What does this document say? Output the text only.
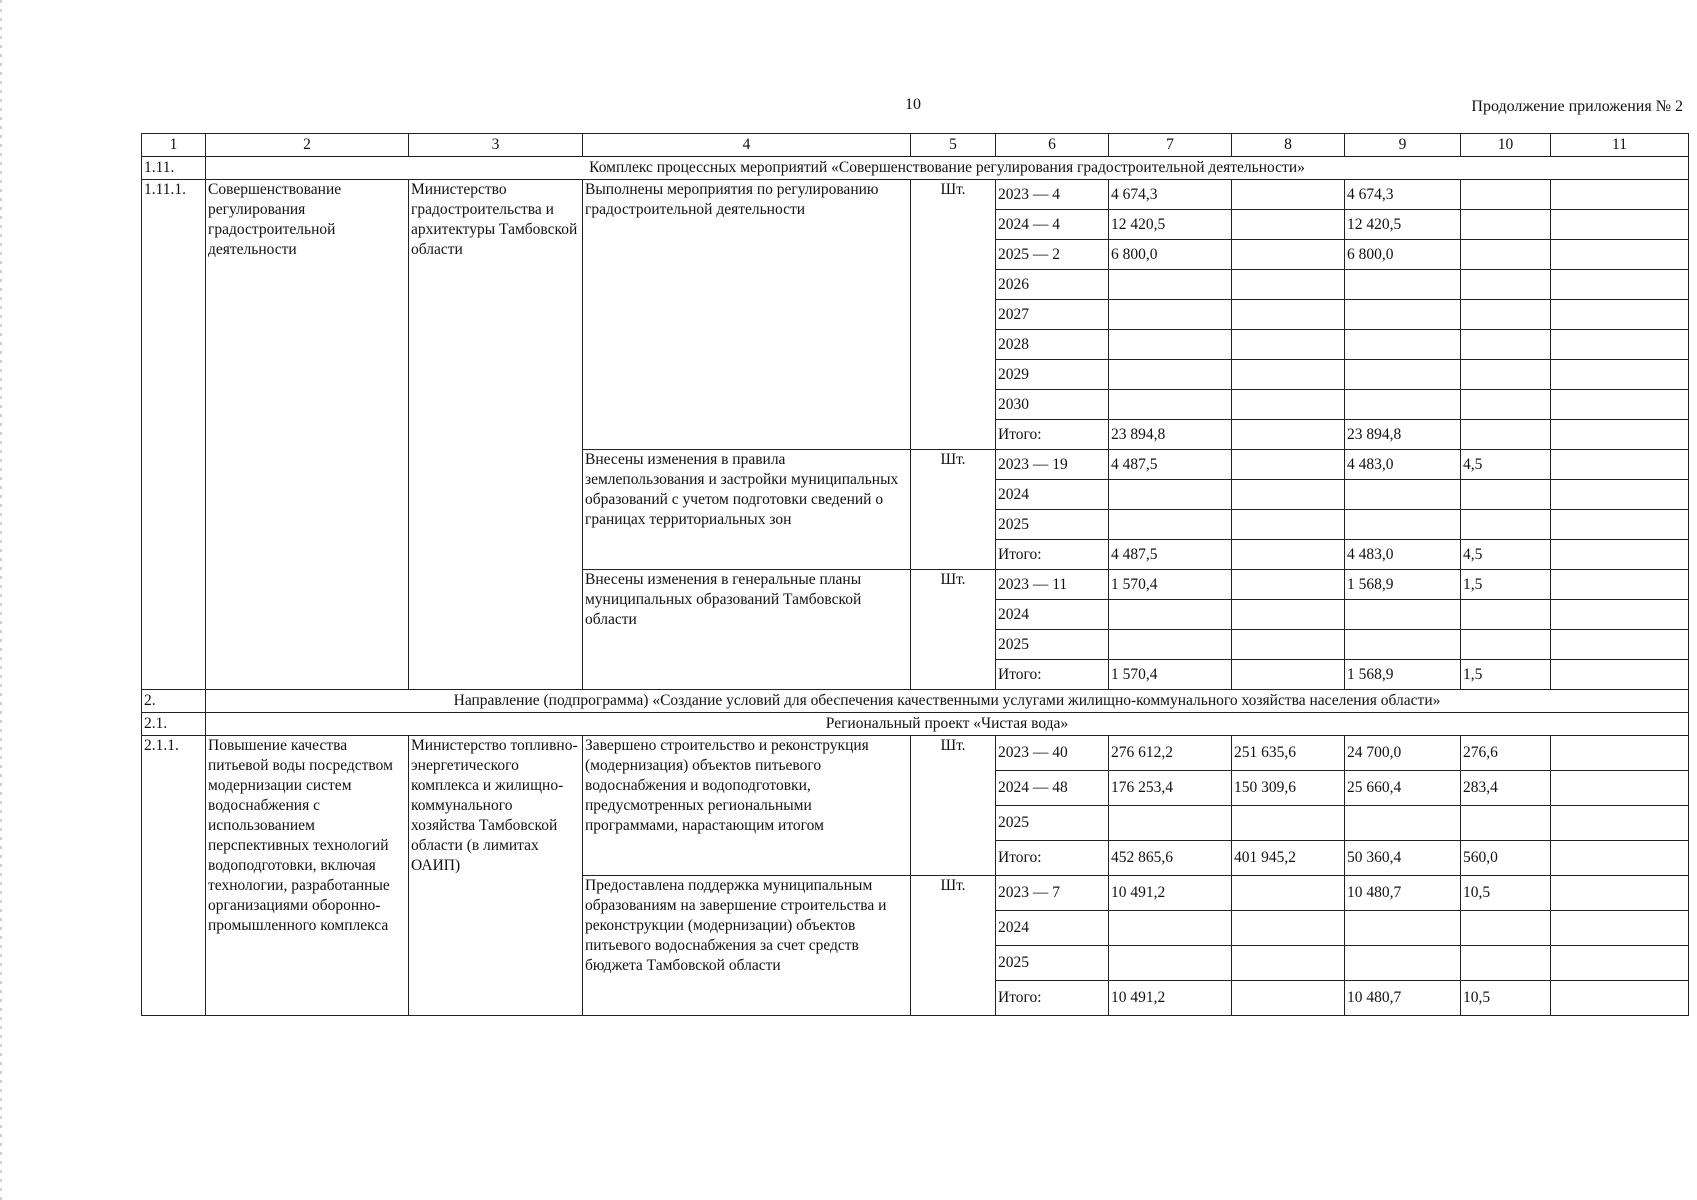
10	Продолжение приложения № 2
1	2	3	4	5	6	7	8	9	10	11
1.11.	Комплекс процессных мероприятий «Совершенствование регулирования градостроительной деятельности»									
1.11.1.	Совершенствование регулирования градостроительной деятельности	Министерство градостроительства и архитектуры Тамбовской области	Выполнены мероприятия по регулированию градостроительной деятельности	Шт.	2023 — 4	4 674,3		4 674,3		
					2024 — 4	12 420,5		12 420,5		
					2025 — 2	6 800,0		6 800,0		
					2026					
					2027					
					2028					
					2029					
					2030					
					Итого:	23 894,8		23 894,8		
			Внесены изменения в правила землепользования и застройки муниципальных образований с учетом подготовки сведений о границах территориальных зон	Шт.	2023 — 19	4 487,5		4 483,0	4,5	
					2024					
					2025					
					Итого:	4 487,5		4 483,0	4,5	
			Внесены изменения в генеральные планы муниципальных образований Тамбовской области	Шт.	2023 — 11	1 570,4		1 568,9	1,5	
					2024					
					2025					
					Итого:	1 570,4		1 568,9	1,5	
2.	Направление (подпрограмма) «Создание условий для обеспечения качественными услугами жилищно-коммунального хозяйства населения области»									
2.1.	Региональный проект «Чистая вода»									
2.1.1.	Повышение качества питьевой воды посредством модернизации систем водоснабжения с использованием перспективных технологий водоподготовки, включая технологии, разработанные организациями оборонно-промышленного комплекса	Министерство топливно-энергетического комплекса и жилищно-коммунального хозяйства Тамбовской области (в лимитах ОАИП)	Завершено строительство и реконструкция (модернизация) объектов питьевого водоснабжения и водоподготовки, предусмотренных региональными программами, нарастающим итогом	Шт.	2023 — 40	276 612,2	251 635,6	24 700,0	276,6	
					2024 — 48	176 253,4	150 309,6	25 660,4	283,4	
					2025					
					Итого:	452 865,6	401 945,2	50 360,4	560,0	
			Предоставлена поддержка муниципальным образованиям на завершение строительства и реконструкции (модернизации) объектов питьевого водоснабжения за счет средств бюджета Тамбовской области	Шт.	2023 — 7	10 491,2		10 480,7	10,5	
					2024					
					2025					
					Итого:	10 491,2		10 480,7	10,5	
